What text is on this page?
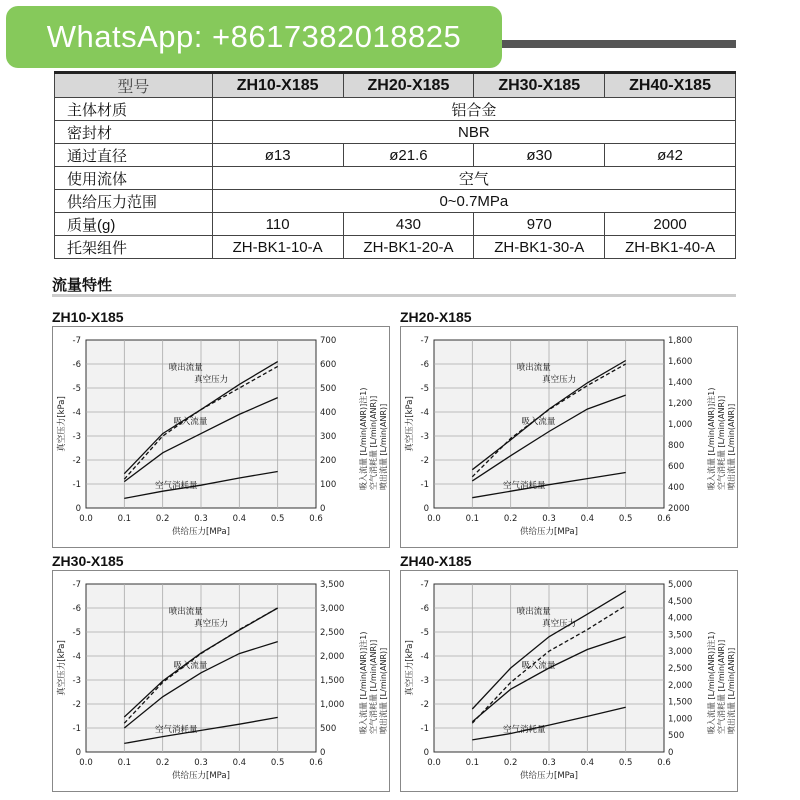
WhatsApp: +8617382018825
型号	ZH10-X185	ZH20-X185	ZH30-X185	ZH40-X185
主体材质	铝合金			
密封材	NBR			
通过直径	ø13	ø21.6	ø30	ø42
使用流体	空气			
供给压力范围	0~0.7MPa			
质量(g)	110	430	970	2000
托架组件	ZH-BK1-10-A	ZH-BK1-20-A	ZH-BK1-30-A	ZH-BK1-40-A
流量特性
ZH10-X185	ZH20-X185
ZH30-X185	ZH40-X185
0.0	0.1	0.2	0.3	0.4	0.5	0.6
-7
-6
-5
-4
-3
-2
-1
0
700
600
500
400
300
200
100
0
供给压力[MPa]
真空压力[kPa]	吸入流量 [L/min(ANR)]注1) 空气消耗量 [L/min(ANR)] 喷出流量 [L/min(ANR)]
喷出流量
真空压力
吸入流量
空气消耗量
0.0	0.1	0.2	0.3	0.4	0.5	0.6
-7
-6
-5
-4
-3
-2
-1
0
1,800
1,600
1,400
1,200
1,000
800
600
400
2000
供给压力[MPa]
真空压力[kPa]	吸入流量 [L/min(ANR)]注1) 空气消耗量 [L/min(ANR)] 喷出流量 [L/min(ANR)]
喷出流量
真空压力
吸入流量
空气消耗量
0.0	0.1	0.2	0.3	0.4	0.5	0.6
-7
-6
-5
-4
-3
-2
-1
0
3,500
3,000
2,500
2,000
1,500
1,000
500
0
供给压力[MPa]
真空压力[kPa]	吸入流量 [L/min(ANR)]注1) 空气消耗量 [L/min(ANR)] 喷出流量 [L/min(ANR)]
喷出流量
真空压力
吸入流量
空气消耗量
0.0	0.1	0.2	0.3	0.4	0.5	0.6
-7
-6
-5
-4
-3
-2
-1
0
5,000
4,500
4,000
3,500
3,000
2,500
2,000
1,500
1,000
500
0
供给压力[MPa]
真空压力[kPa]	吸入流量 [L/min(ANR)]注1) 空气消耗量 [L/min(ANR)] 喷出流量 [L/min(ANR)]
喷出流量
真空压力
吸入流量
空气消耗量
